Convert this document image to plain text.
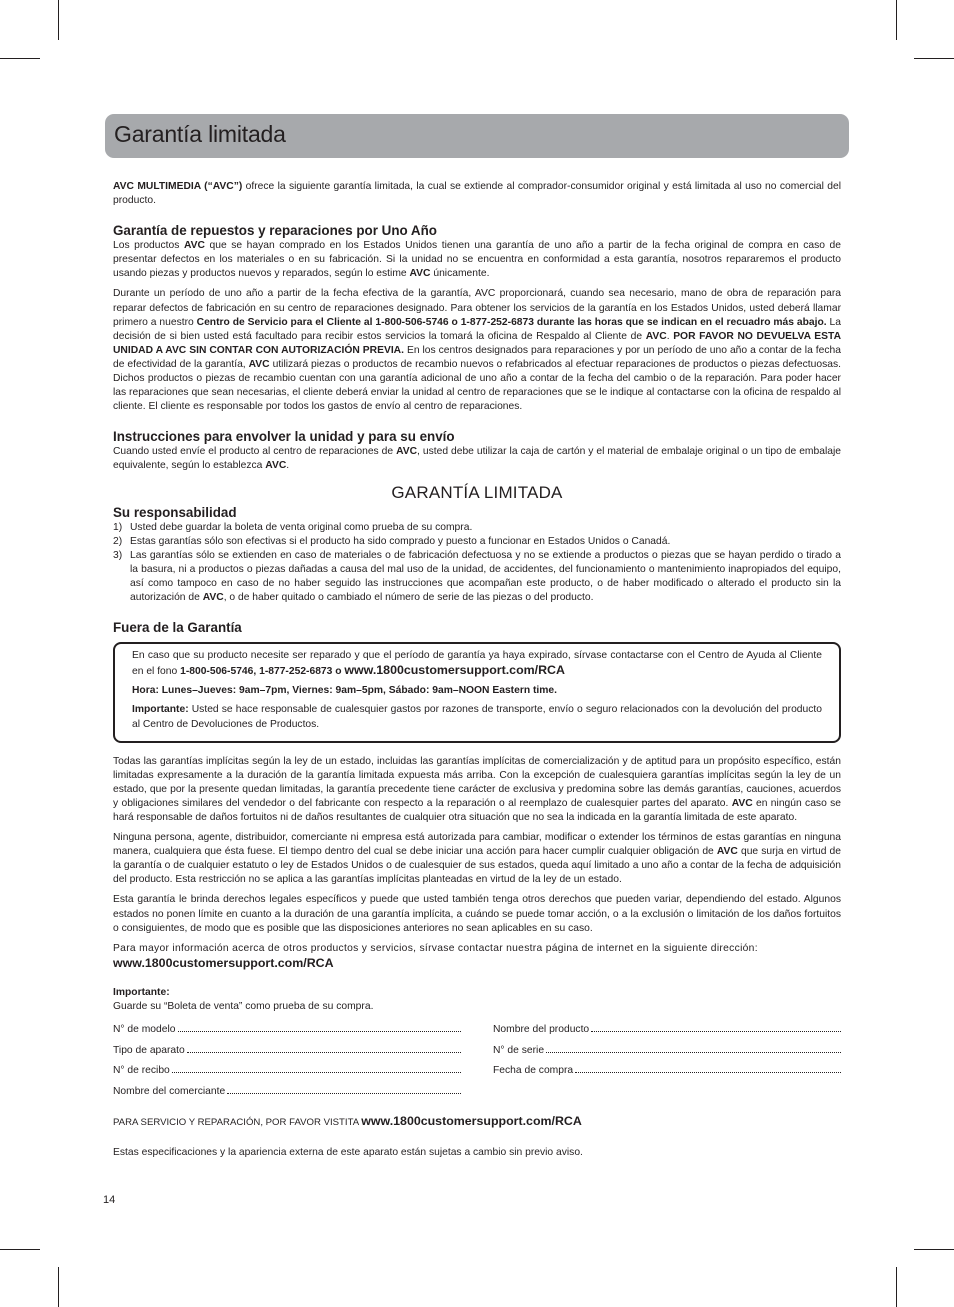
Garantía limitada

AVC MULTIMEDIA (“AVC”) ofrece la siguiente garantía limitada, la cual se extiende al comprador-consumidor original y está limitada al uso no comercial del producto.

Garantía de repuestos y reparaciones por Uno Año

Los productos AVC que se hayan comprado en los Estados Unidos tienen una garantía de uno año a partir de la fecha original de compra en caso de presentar defectos en los materiales o en su fabricación. Si la unidad no se encuentra en conformidad a esta garantía, nosotros repararemos el producto usando piezas y productos nuevos y reparados, según lo estime AVC únicamente.

Durante un período de uno año a partir de la fecha efectiva de la garantía, AVC proporcionará, cuando sea necesario, mano de obra de reparación para reparar defectos de fabricación en su centro de reparaciones designado. Para obtener los servicios de la garantía en los Estados Unidos, usted deberá llamar primero a nuestro Centro de Servicio para el Cliente al 1-800-506-5746 o 1-877-252-6873 durante las horas que se indican en el recuadro más abajo. La decisión de si bien usted está facultado para recibir estos servicios la tomará la oficina de Respaldo al Cliente de AVC. POR FAVOR NO DEVUELVA ESTA UNIDAD A AVC SIN CONTAR CON AUTORIZACIÓN PREVIA. En los centros designados para reparaciones y por un período de uno año a contar de la fecha de efectividad de la garantía, AVC utilizará piezas o productos de recambio nuevos o refabricados al efectuar reparaciones de productos o piezas defectuosas. Dichos productos o piezas de recambio cuentan con una garantía adicional de uno año a contar de la fecha del cambio o de la reparación. Para poder hacer las reparaciones que sean necesarias, el cliente deberá enviar la unidad al centro de reparaciones que se le indique al contactarse con la oficina de respaldo al cliente. El cliente es responsable por todos los gastos de envío al centro de reparaciones.

Instrucciones para envolver la unidad y para su envío

Cuando usted envíe el producto al centro de reparaciones de AVC, usted debe utilizar la caja de cartón y el material de embalaje original o un tipo de embalaje equivalente, según lo establezca AVC.

GARANTÍA LIMITADA
Su responsabilidad
1) Usted debe guardar la boleta de venta original como prueba de su compra.
2) Estas garantías sólo son efectivas si el producto ha sido comprado y puesto a funcionar en Estados Unidos o Canadá.
3) Las garantías sólo se extienden en caso de materiales o de fabricación defectuosa y no se extiende a productos o piezas que se hayan perdido o tirado a la basura, ni a productos o piezas dañadas a causa del mal uso de la unidad, de accidentes, del funcionamiento o mantenimiento inapropiados del equipo, así como tampoco en caso de no haber seguido las instrucciones que acompañan este producto, o de haber modificado o alterado el producto sin la autorización de AVC, o de haber quitado o cambiado el número de serie de las piezas o del producto.
Fuera de la Garantía

En caso que su producto necesite ser reparado y que el período de garantía ya haya expirado, sírvase contactarse con el Centro de Ayuda al Cliente en el fono 1-800-506-5746, 1-877-252-6873 o www.1800customersupport.com/RCA

Hora: Lunes–Jueves: 9am–7pm, Viernes: 9am–5pm, Sábado: 9am–NOON Eastern time.

Importante: Usted se hace responsable de cualesquier gastos por razones de transporte, envío o seguro relacionados con la devolución del producto al Centro de Devoluciones de Productos.

Todas las garantías implícitas según la ley de un estado, incluidas las garantías implícitas de comercialización y de aptitud para un propósito específico, están limitadas expresamente a la duración de la garantía limitada expuesta más arriba. Con la excepción de cualesquiera garantías implícitas según la ley de un estado, que por la presente quedan limitadas, la garantía precedente tiene carácter de exclusiva y predomina sobre las demás garantías, cauciones, acuerdos y obligaciones similares del vendedor o del fabricante con respecto a la reparación o al reemplazo de cualesquier partes del aparato. AVC en ningún caso se hará responsable de daños fortuitos ni de daños resultantes de cualquier otra situación que no sea la indicada en la garantía limitada de este aparato.

Ninguna persona, agente, distribuidor, comerciante ni empresa está autorizada para cambiar, modificar o extender los términos de estas garantías en ninguna manera, cualquiera que ésta fuese. El tiempo dentro del cual se debe iniciar una acción para hacer cumplir cualquier obligación de AVC que surja en virtud de la garantía o de cualquier estatuto o ley de Estados Unidos o de cualesquier de sus estados, queda aquí limitado a uno año a contar de la fecha de adquisición del producto. Esta restricción no se aplica a las garantías implícitas planteadas en virtud de la ley de un estado.

Esta garantía le brinda derechos legales específicos y puede que usted también tenga otros derechos que pueden variar, dependiendo del estado. Algunos estados no ponen límite en cuanto a la duración de una garantía implícita, a cuándo se puede tomar acción, o a la exclusión o limitación de los daños fortuitos o consiguientes, de modo que es posible que las disposiciones anteriores no sean aplicables en su caso.

Para mayor información acerca de otros productos y servicios, sírvase contactar nuestra página de internet en la siguiente dirección:

www.1800customersupport.com/RCA
Importante:
Guarde su “Boleta de venta” como prueba de su compra.
N° de modelo
Tipo de aparato
N° de recibo
Nombre del comerciante
Nombre del producto
N° de serie
Fecha de compra
PARA SERVICIO Y REPARACIÓN, POR FAVOR VISTITA www.1800customersupport.com/RCA
Estas especificaciones y la apariencia externa de este aparato están sujetas a cambio sin previo aviso.
14
